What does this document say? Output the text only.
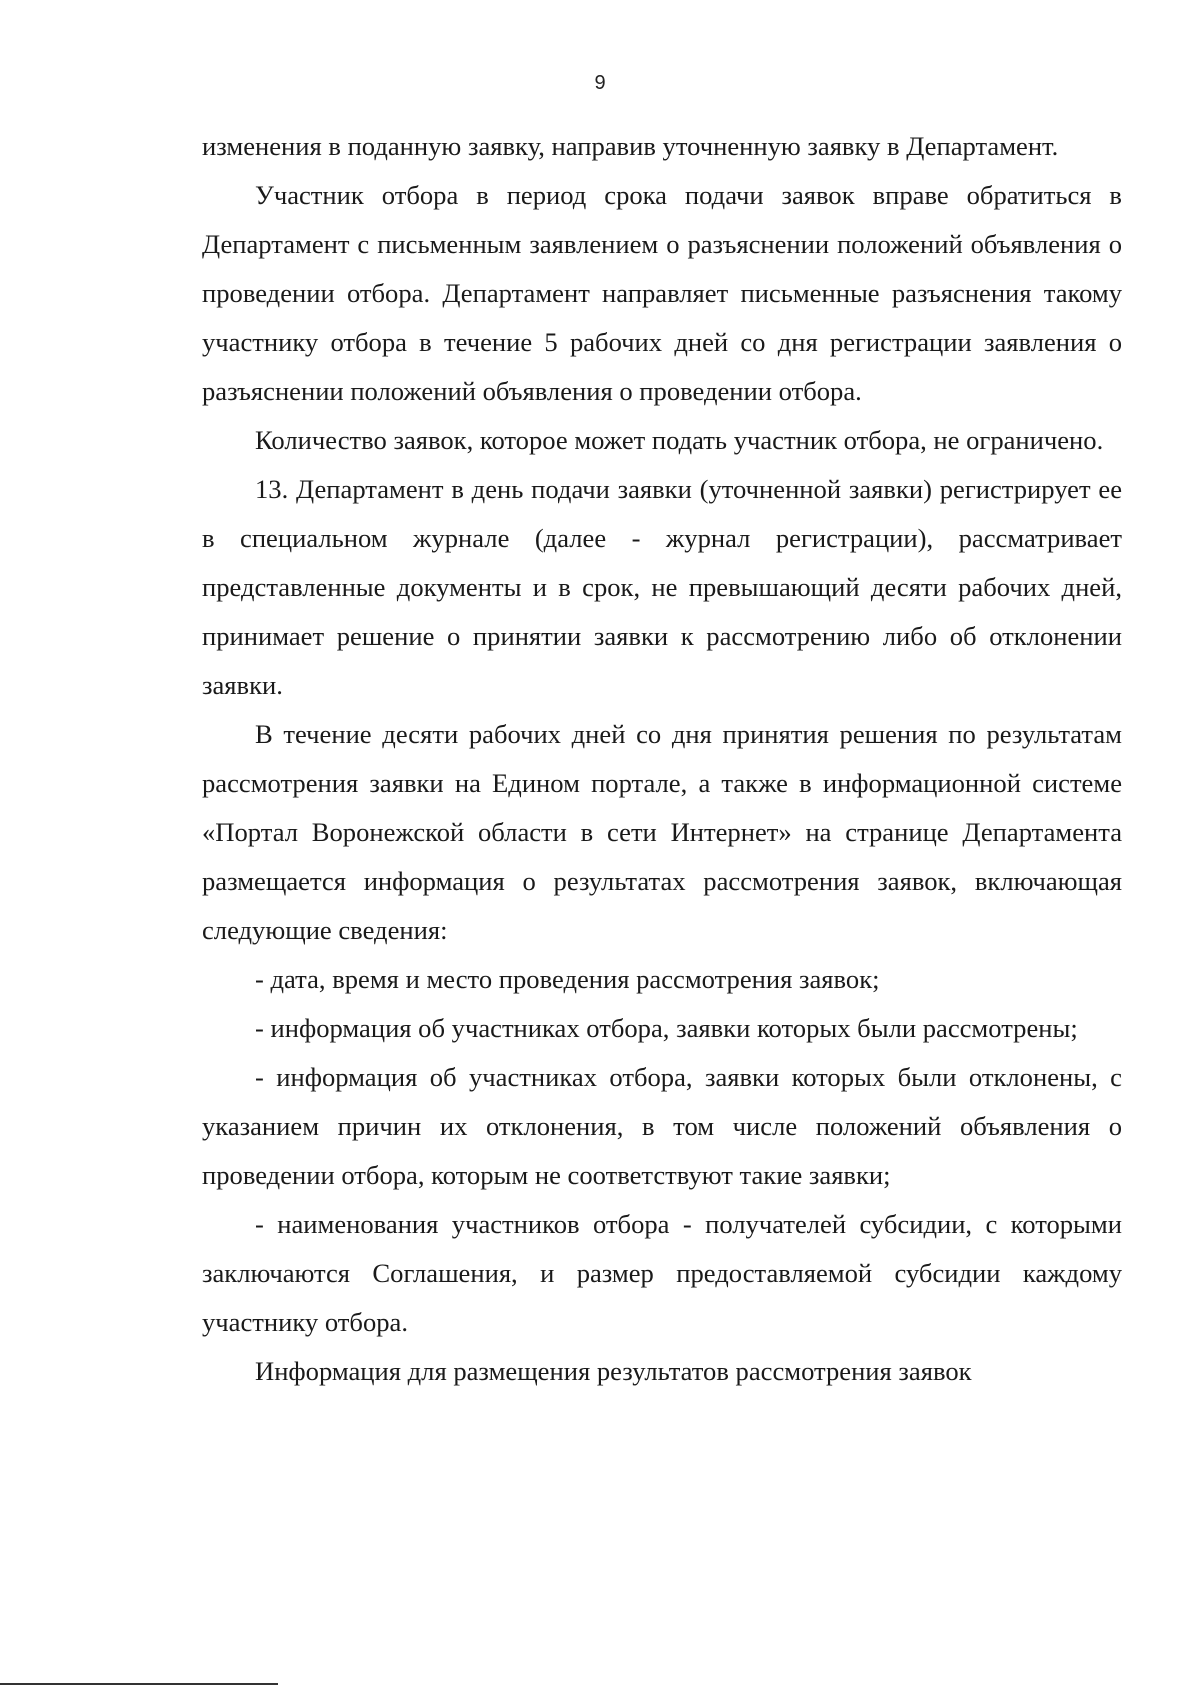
9

изменения в поданную заявку, направив уточненную заявку в Департамент.

Участник отбора в период срока подачи заявок вправе обратиться в Департамент с письменным заявлением о разъяснении положений объявления о проведении отбора. Департамент направляет письменные разъяснения такому участнику отбора в течение 5 рабочих дней со дня регистрации заявления о разъяснении положений объявления о проведении отбора.

Количество заявок, которое может подать участник отбора, не ограничено.

13. Департамент в день подачи заявки (уточненной заявки) регистрирует ее в специальном журнале (далее - журнал регистрации), рассматривает представленные документы и в срок, не превышающий десяти рабочих дней, принимает решение о принятии заявки к рассмотрению либо об отклонении заявки.

В течение десяти рабочих дней со дня принятия решения по результатам рассмотрения заявки на Едином портале, а также в информационной системе «Портал Воронежской области в сети Интернет» на странице Департамента размещается информация о результатах рассмотрения заявок, включающая следующие сведения:

- дата, время и место проведения рассмотрения заявок;

- информация об участниках отбора, заявки которых были рассмотрены;

- информация об участниках отбора, заявки которых были отклонены, с указанием причин их отклонения, в том числе положений объявления о проведении отбора, которым не соответствуют такие заявки;

- наименования участников отбора - получателей субсидии, с которыми заключаются Соглашения, и размер предоставляемой субсидии каждому участнику отбора.

Информация для размещения результатов рассмотрения заявок
